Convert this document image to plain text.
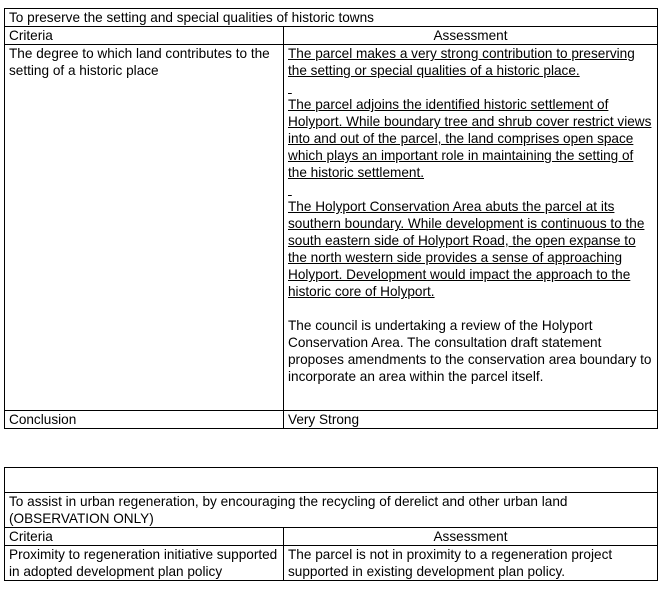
To preserve the setting and special qualities of historic towns	
Criteria	Assessment
The degree to which land contributes to the setting of a historic place	The parcel makes a very strong contribution to preserving the setting or special qualities of a historic place.

The parcel adjoins the identified historic settlement of Holyport. While boundary tree and shrub cover restrict views into and out of the parcel, the land comprises open space which plays an important role in maintaining the setting of the historic settlement.

The Holyport Conservation Area abuts the parcel at its southern boundary. While development is continuous to the south eastern side of Holyport Road, the open expanse to the north western side provides a sense of approaching Holyport. Development would impact the approach to the historic core of Holyport.

The council is undertaking a review of the Holyport Conservation Area. The consultation draft statement proposes amendments to the conservation area boundary to incorporate an area within the parcel itself.

Conclusion	Very Strong

To assist in urban regeneration, by encouraging the recycling of derelict and other urban land (OBSERVATION ONLY)	
Criteria	Assessment
Proximity to regeneration initiative supported in adopted development plan policy	The parcel is not in proximity to a regeneration project supported in existing development plan policy.
